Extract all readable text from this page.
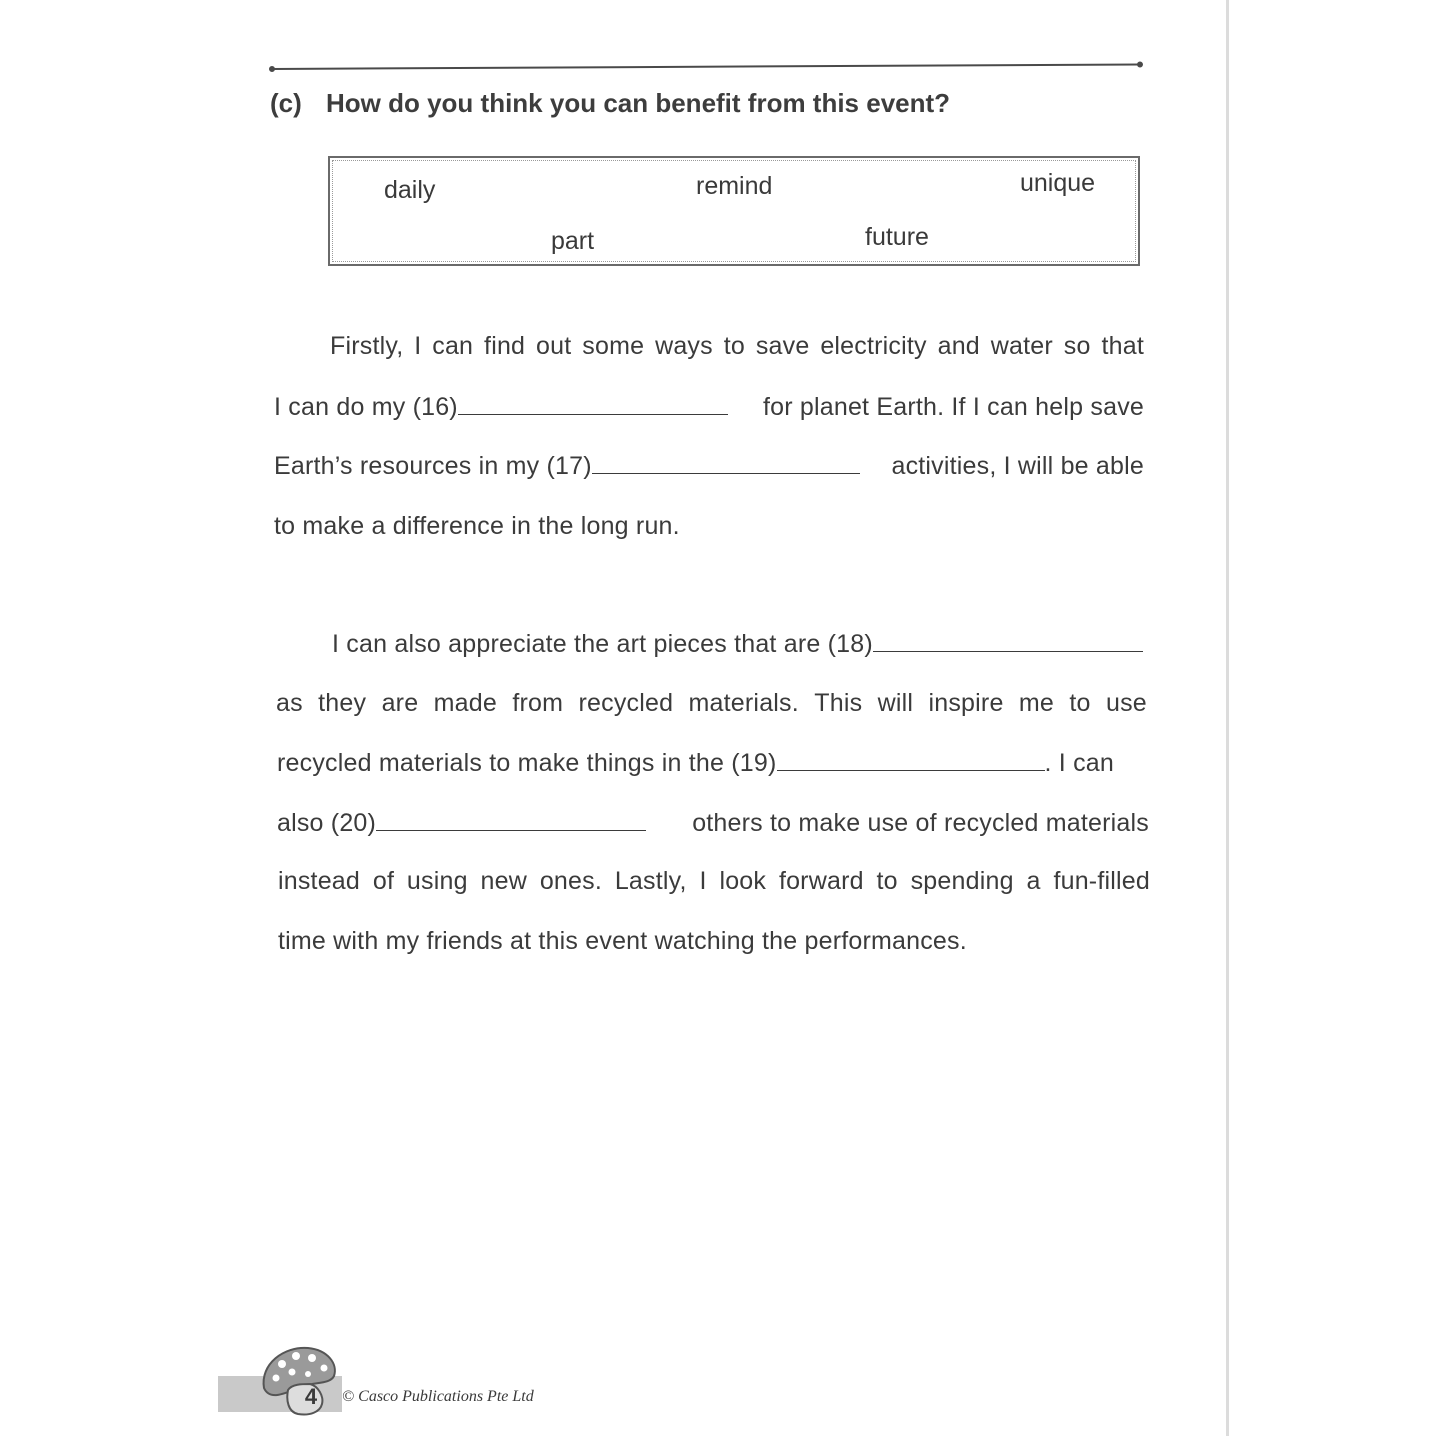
(c) How do you think you can benefit from this event?
daily	remind	unique
part	future
Firstly, I can find out some ways to save electricity and water so that
I can do my (16)	for planet Earth. If I can help save
Earth’s resources in my (17)	activities, I will be able
to make a difference in the long run.
I can also appreciate the art pieces that are (18)
as they are made from recycled materials. This will inspire me to use
recycled materials to make things in the (19)	. I can
also (20)	others to make use of recycled materials
instead of using new ones. Lastly, I look forward to spending a fun-filled
time with my friends at this event watching the performances.
4	© Casco Publications Pte Ltd
